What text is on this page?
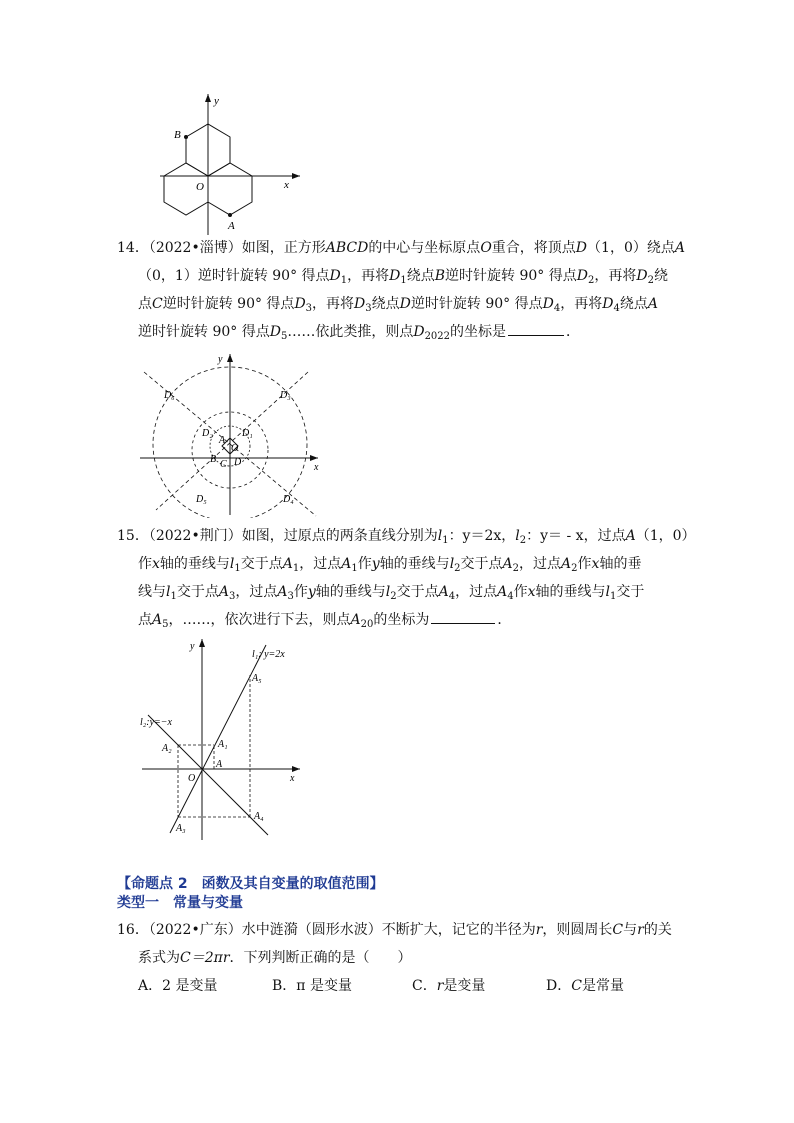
y
x
O
B
A
14．（2022•淄博）如图，正方形ABCD的中心与坐标原点O重合，将顶点D（1，0）绕点A
（0，1）逆时针旋转 90° 得点$D_1$，再将$D_1$绕点B逆时针旋转 90° 得点$D_2$，再将$D_2$绕
点C逆时针旋转 90° 得点$D_3$，再将$D_3$绕点D逆时针旋转 90° 得点$D_4$，再将$D_4$绕点A
逆时针旋转 90° 得点$D_5\dots\dots$依此类推，则点$D_{2022}$的坐标是	．
y
x
D₆	D₃
D₂	D₁
A
O
B D
C
D₅	D₄
15．（2022•荆门）如图，过原点的两条直线分别为$l_1$：y＝2x，$l_2$：y＝ - x，过点A（1，0）
作x轴的垂线与$l_1$交于点$A_1$，过点$A_1$作y轴的垂线与$l_2$交于点$A_2$，过点$A_2$作x轴的垂
线与$l_1$交于点$A_3$，过点$A_3$作y轴的垂线与$l_2$交于点$A_4$，过点$A_4$作x轴的垂线与$l_1$交于
点$A_5$，……，依次进行下去，则点$A_{20}$的坐标为	．
y
x
l₁: y=2x
l₂:y=−x
A₅
A₁
A₂
A
O
A₄
A₃
【命题点 2　函数及其自变量的取值范围】
类型一　常量与变量
16．（2022•广东）水中涟漪（圆形水波）不断扩大，记它的半径为r，则圆周长C与r的关
系式为C＝2πr．下列判断正确的是（　　）
A．2 是变量	B．π 是变量	C．r是变量	D．C是常量
